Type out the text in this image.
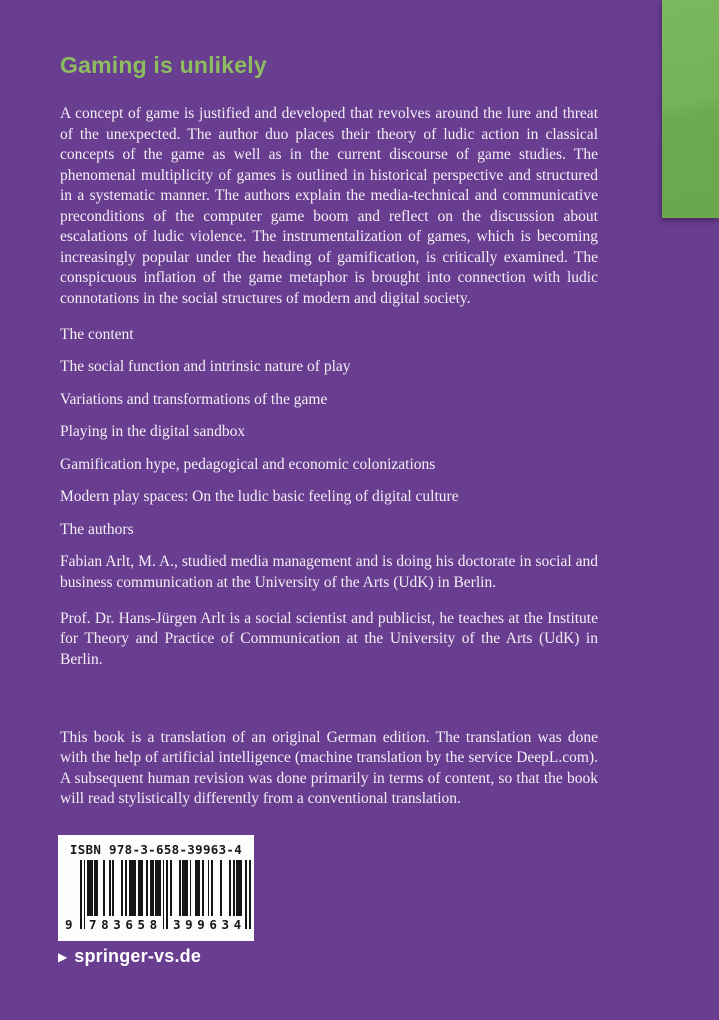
Gaming is unlikely

A concept of game is justified and developed that revolves around the lure and threat of the unexpected. The author duo places their theory of ludic action in classical concepts of the game as well as in the current discourse of game studies. The phenomenal multiplicity of games is outlined in historical perspective and structured in a systematic manner. The authors explain the media-technical and communicative preconditions of the computer game boom and reflect on the discussion about escalations of ludic violence. The instrumentalization of games, which is becoming increasingly popular under the heading of gamification, is critically examined. The conspicuous inflation of the game metaphor is brought into connection with ludic connotations in the social structures of modern and digital society.

The content
The social function and intrinsic nature of play
Variations and transformations of the game
Playing in the digital sandbox
Gamification hype, pedagogical and economic colonizations
Modern play spaces: On the ludic basic feeling of digital culture
The authors

Fabian Arlt, M. A., studied media management and is doing his doctorate in social and business communication at the University of the Arts (UdK) in Berlin.

Prof. Dr. Hans-Jürgen Arlt is a social scientist and publicist, he teaches at the Institute for Theory and Practice of Communication at the University of the Arts (UdK) in Berlin.

This book is a translation of an original German edition. The translation was done with the help of artificial intelligence (machine translation by the service DeepL.com). A subsequent human revision was done primarily in terms of content, so that the book will read stylistically differently from a conventional translation.

ISBN 978-3-658-39963-4
9 783658 399634
▶ springer-vs.de
